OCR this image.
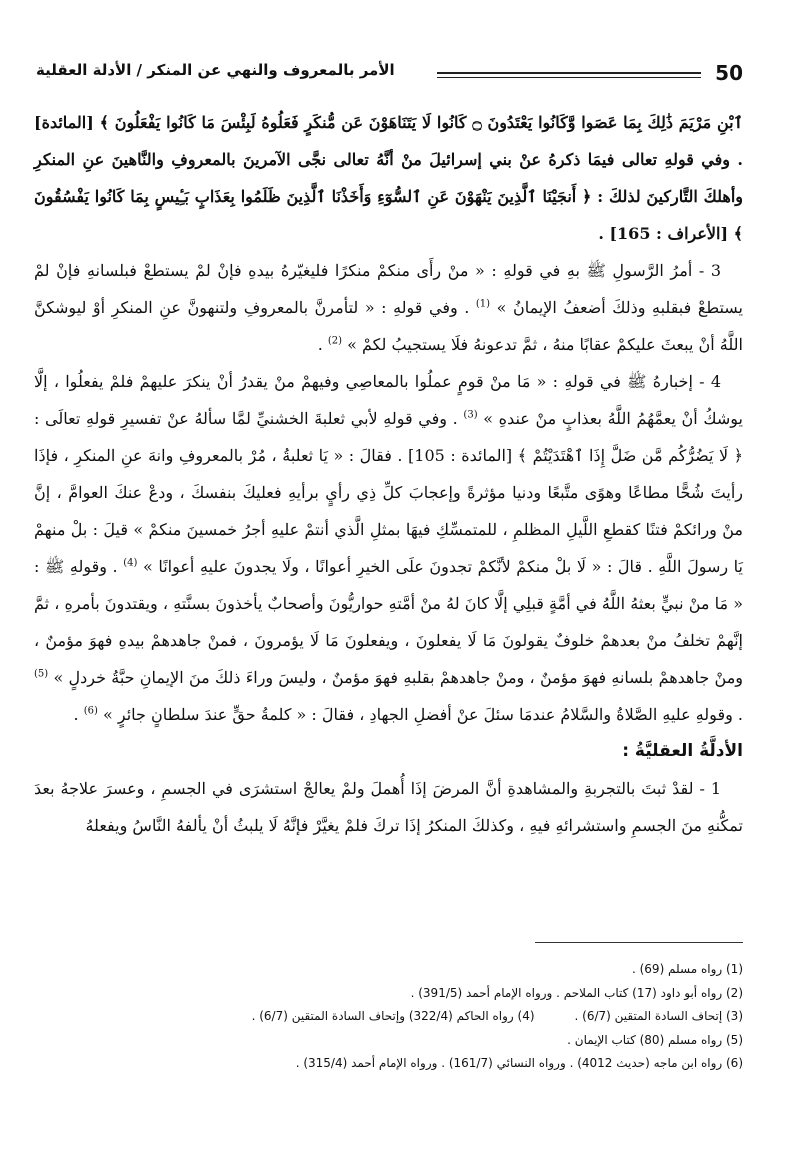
الأمر بالمعروف والنهي عن المنكر / الأدلة العقلية	50

ٱبْنِ مَرْيَمَ ذَٰلِكَ بِمَا عَصَوا وَّكَانُوا يَعْتَدُونَ ۝ كَانُوا لَا يَتَنَاهَوْنَ عَن مُّنكَرٍ فَعَلُوهُ لَبِئْسَ مَا كَانُوا يَفْعَلُونَ ﴾ [المائدة] . وفي قولهِ تعالى فيمَا ذكرهُ عنْ بني إسرائيلَ منْ أنَّهُ تعالى نجَّى الآمرينَ بالمعروفِ والنَّاهينَ عنِ المنكرِ وأهلكَ التَّاركينَ لذلكَ : ﴿ أَنجَيْنَا ٱلَّذِينَ يَنْهَوْنَ عَنِ ٱلسُّوٓءِ وَأَخَذْنَا ٱلَّذِينَ ظَلَمُوا بِعَذَابٍ بَـِٔيسٍ بِمَا كَانُوا يَفْسُقُونَ ﴾ [الأعراف : 165] .

3 - أمرُ الرَّسولِ ﷺ بهِ في قولهِ : « منْ رأَى منكمْ منكرًا فليغيّرهُ بيدهِ فإنْ لمْ يستطعْ فبلسانهِ فإنْ لمْ يستطعْ فبقلبهِ وذلكَ أضعفُ الإيمانُ » $^{(1)}$ . وفي قولهِ : « لتأمرنَّ بالمعروفِ ولتنهونَّ عنِ المنكرِ أوْ ليوشكنَّ اللَّهُ أنْ يبعثَ عليكمْ عقابًا منهُ ، ثمَّ تدعونهُ فلَا يستجيبُ لكمْ » $^{(2)}$ .

4 - إخبارهُ ﷺ في قولهِ : « مَا منْ قومٍ عملُوا بالمعاصِي وفيهمْ منْ يقدرُ أنْ ينكرَ عليهمْ فلمْ يفعلُوا ، إلَّا يوشكُ أنْ يعمَّهُمُ اللَّهُ بعذابٍ منْ عندهِ » $^{(3)}$ . وفي قولهِ لأبي ثعلبةَ الخشنيِّ لمَّا سألهُ عنْ تفسيرِ قولهِ تعالَى : ﴿ لَا يَضُرُّكُم مَّن ضَلَّ إِذَا ٱهْتَدَيْتُمْ ﴾ [المائدة : 105] . فقالَ : « يَا ثعلبةُ ، مُرْ بالمعروفِ وانهَ عنِ المنكرِ ، فإذَا رأيتَ شُحًّا مطاعًا وهوًى متَّبعًا ودنيا مؤثرةً وإعجابَ كلِّ ذِي رأيٍ برأيهِ فعليكَ بنفسكَ ، ودعْ عنكَ العوامَّ ، إنَّ منْ ورائكمْ فتنًا كقطعِ اللَّيلِ المظلمِ ، للمتمسِّكِ فيهَا بمثلِ الَّذي أنتمْ عليهِ أجرُ خمسينَ منكمْ » قيلَ : بلْ منهمْ يَا رسولَ اللَّهِ . قالَ : « لَا بلْ منكمْ لأنَّكمْ تجدونَ علَى الخيرِ أعوانًا ، ولَا يجدونَ عليهِ أعوانًا » $^{(4)}$ . وقولهِ ﷺ : « مَا منْ نبيٍّ بعثهُ اللَّهُ في أمَّةٍ قبلِي إلَّا كانَ لهُ منْ أمَّتهِ حواريُّونَ وأصحابٌ يأخذونَ بسنَّتهِ ، ويقتدونَ بأمرهِ ، ثمَّ إنَّهمْ تخلفُ منْ بعدهمْ خلوفٌ يقولونَ مَا لَا يفعلونَ ، ويفعلونَ مَا لَا يؤمرونَ ، فمنْ جاهدهمْ بيدهِ فهوَ مؤمنٌ ، ومنْ جاهدهمْ بلسانهِ فهوَ مؤمنٌ ، ومنْ جاهدهمْ بقلبهِ فهوَ مؤمنٌ ، وليسَ وراءَ ذلكَ منَ الإيمانِ حبَّةُ خردلٍ » $^{(5)}$ . وقولهِ عليهِ الصَّلاةُ والسَّلامُ عندمَا سئلَ عنْ أفضلِ الجهادِ ، فقالَ : « كلمةُ حقٍّ عندَ سلطانٍ جائرٍ » $^{(6)}$ .

الأدلَّةُ العقليَّةُ :

1 - لقدْ ثبتَ بالتجربةِ والمشاهدةِ أنَّ المرضَ إذَا أُهملَ ولمْ يعالجْ استشرَى في الجسمِ ، وعسرَ علاجهُ بعدَ تمكُّنهِ منَ الجسمِ واستشرائهِ فيهِ ، وكذلكَ المنكرُ إذَا تركَ فلمْ يغيَّرْ فإنَّهُ لَا يلبثُ أنْ يألفهُ النَّاسُ ويفعلهُ

(1) رواه مسلم (69) .
(2) رواه أبو داود (17) كتاب الملاحم . ورواه الإمام أحمد (391/5) .
(3) إتحاف السادة المتقين (6/7) .
(4) رواه الحاكم (322/4) وإتحاف السادة المتقين (6/7) .
(5) رواه مسلم (80) كتاب الإيمان .
(6) رواه ابن ماجه (حديث 4012) . ورواه النسائي (161/7) . ورواه الإمام أحمد (315/4) .
